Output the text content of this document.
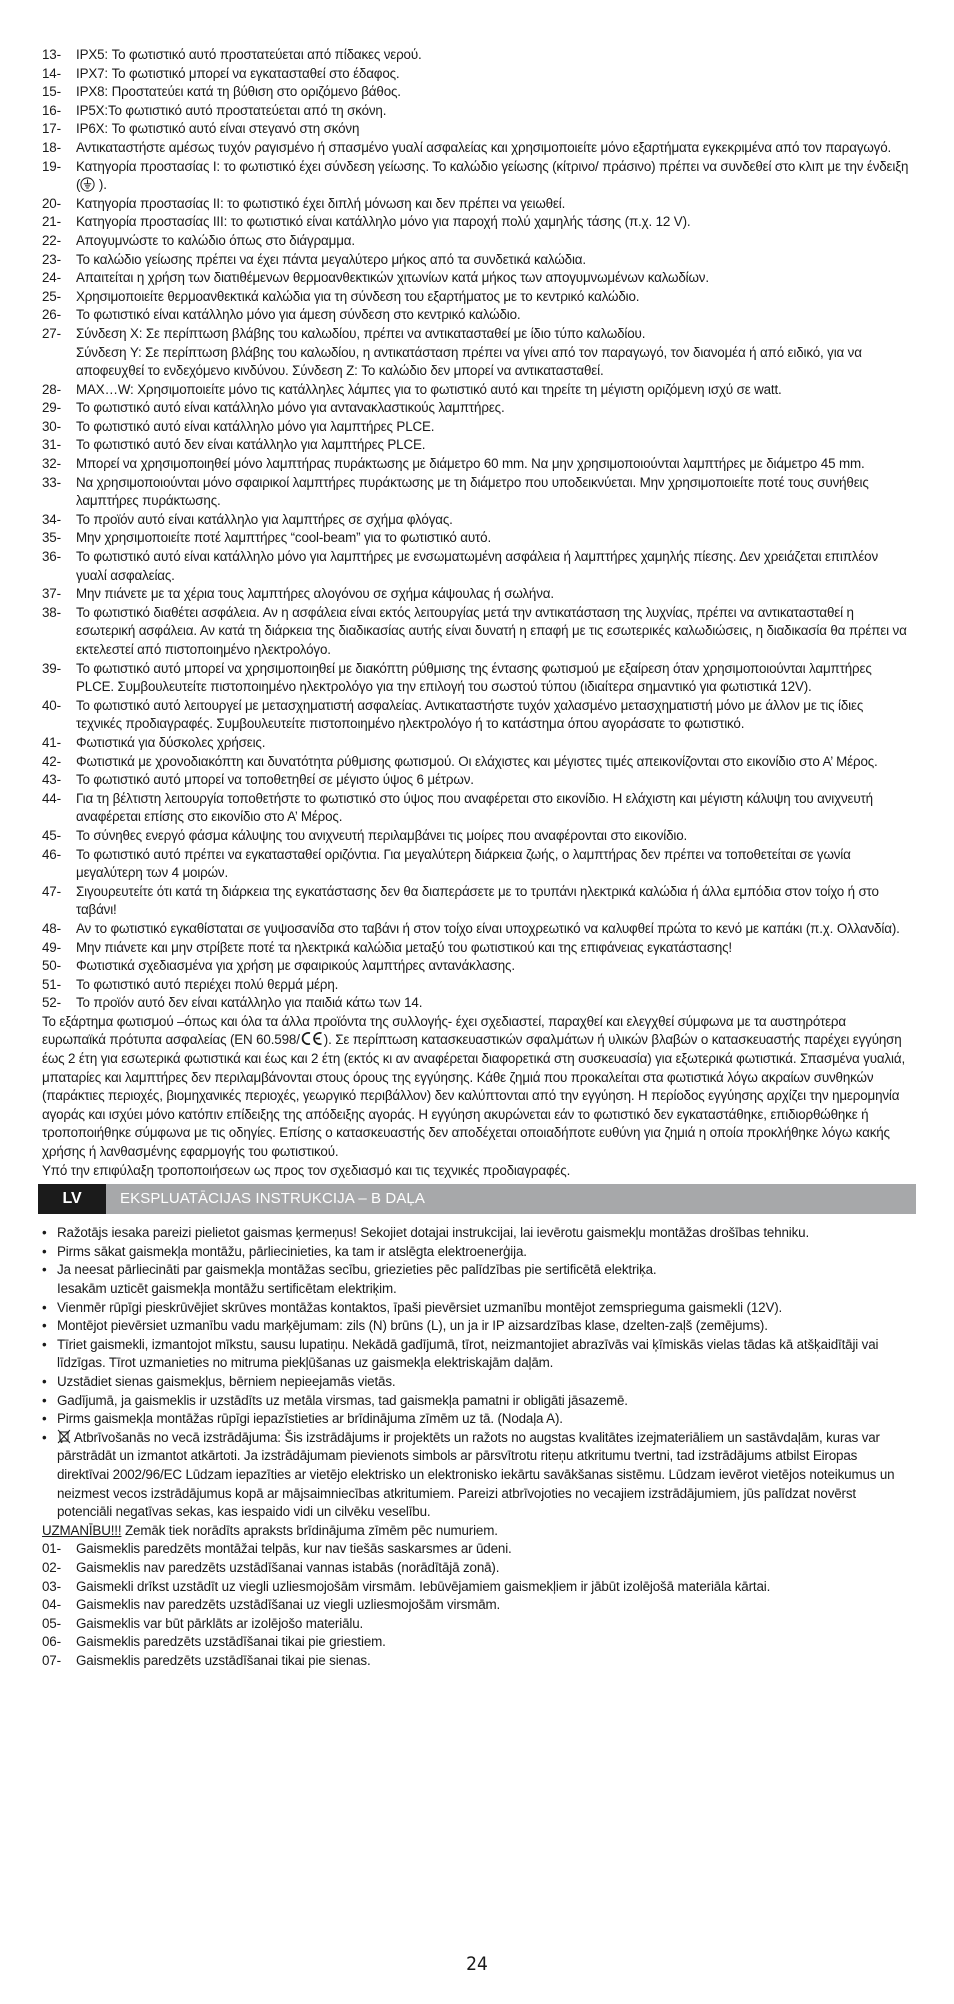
13-	IPX5: Το φωτιστικό αυτό προστατεύεται από πίδακες νερού.
14-	IPX7: Το φωτιστικό μπορεί να εγκατασταθεί στο έδαφος.
15-	IPX8: Προστατεύει κατά τη βύθιση στο οριζόμενο βάθος.
16-	IP5X:Το φωτιστικό αυτό προστατεύεται από τη σκόνη.
17-	IP6X: Το φωτιστικό αυτό είναι στεγανό στη σκόνη
18-	Αντικαταστήστε αμέσως τυχόν ραγισμένο ή σπασμένο γυαλί ασφαλείας και χρησιμοποιείτε μόνο εξαρτήματα εγκεκριμένα από τον παραγωγό.
19-	Κατηγορία προστασίας I: το φωτιστικό έχει σύνδεση γείωσης. Το καλώδιο γείωσης (κίτρινο/ πράσινο) πρέπει να συνδεθεί στο κλιπ με την ένδειξη ( ).
20-	Κατηγορία προστασίας II: το φωτιστικό έχει διπλή μόνωση και δεν πρέπει να γειωθεί.
21-	Κατηγορία προστασίας III: το φωτιστικό είναι κατάλληλο μόνο για παροχή πολύ χαμηλής τάσης (π.χ. 12 V).
22-	Απογυμνώστε το καλώδιο όπως στο διάγραμμα.
23-	Το καλώδιο γείωσης πρέπει να έχει πάντα μεγαλύτερο μήκος από τα συνδετικά καλώδια.
24-	Απαιτείται η χρήση των διατιθέμενων θερμοανθεκτικών χιτωνίων κατά μήκος των απογυμνωμένων καλωδίων.
25-	Χρησιμοποιείτε θερμοανθεκτικά καλώδια για τη σύνδεση του εξαρτήματος με το κεντρικό καλώδιο.
26-	Το φωτιστικό είναι κατάλληλο μόνο για άμεση σύνδεση στο κεντρικό καλώδιο.
27-	Σύνδεση X: Σε περίπτωση βλάβης του καλωδίου, πρέπει να αντικατασταθεί με ίδιο τύπο καλωδίου.
Σύνδεση Y: Σε περίπτωση βλάβης του καλωδίου, η αντικατάσταση πρέπει να γίνει από τον παραγωγό, τον διανομέα ή από ειδικό, για να αποφευχθεί το ενδεχόμενο κινδύνου. Σύνδεση Z: Το καλώδιο δεν μπορεί να αντικατασταθεί.
28-	MAX…W: Χρησιμοποιείτε μόνο τις κατάλληλες λάμπες για το φωτιστικό αυτό και τηρείτε τη μέγιστη οριζόμενη ισχύ σε watt.
29-	Το φωτιστικό αυτό είναι κατάλληλο μόνο για αντανακλαστικούς λαμπτήρες.
30-	Το φωτιστικό αυτό είναι κατάλληλο μόνο για λαμπτήρες PLCE.
31-	Το φωτιστικό αυτό δεν είναι κατάλληλο για λαμπτήρες PLCE.
32-	Μπορεί να χρησιμοποιηθεί μόνο λαμπτήρας πυράκτωσης με διάμετρο 60 mm. Να μην χρησιμοποιούνται λαμπτήρες με διάμετρο 45 mm.
33-	Να χρησιμοποιούνται μόνο σφαιρικοί λαμπτήρες πυράκτωσης με τη διάμετρο που υποδεικνύεται. Μην χρησιμοποιείτε ποτέ τους συνήθεις λαμπτήρες πυράκτωσης.
34-	Το προϊόν αυτό είναι κατάλληλο για λαμπτήρες σε σχήμα φλόγας.
35-	Μην χρησιμοποιείτε ποτέ λαμπτήρες “cool-beam” για το φωτιστικό αυτό.
36-	Το φωτιστικό αυτό είναι κατάλληλο μόνο για λαμπτήρες με ενσωματωμένη ασφάλεια ή λαμπτήρες χαμηλής πίεσης. Δεν χρειάζεται επιπλέον γυαλί ασφαλείας.
37-	Μην πιάνετε με τα χέρια τους λαμπτήρες αλογόνου σε σχήμα κάψουλας ή σωλήνα.
38-	Το φωτιστικό διαθέτει ασφάλεια. Αν η ασφάλεια είναι εκτός λειτουργίας μετά την αντικατάσταση της λυχνίας, πρέπει να αντικατασταθεί η εσωτερική ασφάλεια. Αν κατά τη διάρκεια της διαδικασίας αυτής είναι δυνατή η επαφή με τις εσωτερικές καλωδιώσεις, η διαδικασία θα πρέπει να εκτελεστεί από πιστοποιημένο ηλεκτρολόγο.
39-	Το φωτιστικό αυτό μπορεί να χρησιμοποιηθεί με διακόπτη ρύθμισης της έντασης φωτισμού με εξαίρεση όταν χρησιμοποιούνται λαμπτήρες PLCE. Συμβουλευτείτε πιστοποιημένο ηλεκτρολόγο για την επιλογή του σωστού τύπου (ιδιαίτερα σημαντικό για φωτιστικά 12V).
40-	Το φωτιστικό αυτό λειτουργεί με μετασχηματιστή ασφαλείας. Αντικαταστήστε τυχόν χαλασμένο μετασχηματιστή μόνο με άλλον με τις ίδιες τεχνικές προδιαγραφές. Συμβουλευτείτε πιστοποιημένο ηλεκτρολόγο ή το κατάστημα όπου αγοράσατε το φωτιστικό.
41-	Φωτιστικά για δύσκολες χρήσεις.
42-	Φωτιστικά με χρονοδιακόπτη και δυνατότητα ρύθμισης φωτισμού. Οι ελάχιστες και μέγιστες τιμές απεικονίζονται στο εικονίδιο στο Α’ Μέρος.
43-	Το φωτιστικό αυτό μπορεί να τοποθετηθεί σε μέγιστο ύψος 6 μέτρων.
44-	Για τη βέλτιστη λειτουργία τοποθετήστε το φωτιστικό στο ύψος που αναφέρεται στο εικονίδιο. Η ελάχιστη και μέγιστη κάλυψη του ανιχνευτή αναφέρεται επίσης στο εικονίδιο στο Α’ Μέρος.
45-	Το σύνηθες ενεργό φάσμα κάλυψης του ανιχνευτή περιλαμβάνει τις μοίρες που αναφέρονται στο εικονίδιο.
46-	Το φωτιστικό αυτό πρέπει να εγκατασταθεί οριζόντια. Για μεγαλύτερη διάρκεια ζωής, ο λαμπτήρας δεν πρέπει να τοποθετείται σε γωνία μεγαλύτερη των 4 μοιρών.
47-	Σιγουρευτείτε ότι κατά τη διάρκεια της εγκατάστασης δεν θα διαπεράσετε με το τρυπάνι ηλεκτρικά καλώδια ή άλλα εμπόδια στον τοίχο ή στο ταβάνι!
48-	Αν το φωτιστικό εγκαθίσταται σε γυψοσανίδα στο ταβάνι ή στον τοίχο είναι υποχρεωτικό να καλυφθεί πρώτα το κενό με καπάκι (π.χ. Ολλανδία).
49-	Μην πιάνετε και μην στρίβετε ποτέ τα ηλεκτρικά καλώδια μεταξύ του φωτιστικού και της επιφάνειας εγκατάστασης!
50-	Φωτιστικά σχεδιασμένα για χρήση με σφαιρικούς λαμπτήρες αντανάκλασης.
51-	Το φωτιστικό αυτό περιέχει πολύ θερμά μέρη.
52-	Το προϊόν αυτό δεν είναι κατάλληλο για παιδιά κάτω των 14.

Το εξάρτημα φωτισμού –όπως και όλα τα άλλα προϊόντα της συλλογής- έχει σχεδιαστεί, παραχθεί και ελεγχθεί σύμφωνα με τα αυστηρότερα ευρωπαϊκά πρότυπα ασφαλείας (EN 60.598/ ). Σε περίπτωση κατασκευαστικών σφαλμάτων ή υλικών βλαβών ο κατασκευαστής παρέχει εγγύηση έως 2 έτη για εσωτερικά φωτιστικά και έως και 2 έτη (εκτός κι αν αναφέρεται διαφορετικά στη συσκευασία) για εξωτερικά φωτιστικά. Σπασμένα γυαλιά, μπαταρίες και λαμπτήρες δεν περιλαμβάνονται στους όρους της εγγύησης. Κάθε ζημιά που προκαλείται στα φωτιστικά λόγω ακραίων συνθηκών (παράκτιες περιοχές, βιομηχανικές περιοχές, γεωργικό περιβάλλον) δεν καλύπτονται από την εγγύηση. Η περίοδος εγγύησης αρχίζει την ημερομηνία αγοράς και ισχύει μόνο κατόπιν επίδειξης της απόδειξης αγοράς. Η εγγύηση ακυρώνεται εάν το φωτιστικό δεν εγκαταστάθηκε, επιδιορθώθηκε ή τροποποιήθηκε σύμφωνα με τις οδηγίες. Επίσης ο κατασκευαστής δεν αποδέχεται οποιαδήποτε ευθύνη για ζημιά η οποία προκλήθηκε λόγω κακής χρήσης ή λανθασμένης εφαρμογής του φωτιστικού.

Υπό την επιφύλαξη τροποποιήσεων ως προς τον σχεδιασμό και τις τεχνικές προδιαγραφές.

LV	EKSPLUATĀCIJAS INSTRUKCIJA – B DAĻA
• Ražotājs iesaka pareizi pielietot gaismas ķermeņus! Sekojiet dotajai instrukcijai, lai ievērotu gaismekļu montāžas drošības tehniku.
• Pirms sākat gaismekļa montāžu, pārliecinieties, ka tam ir atslēgta elektroenerģija.
• Ja neesat pārliecināti par gaismekļa montāžas secību, griezieties pēc palīdzības pie sertificētā elektriķa.
Iesakām uzticēt gaismekļa montāžu sertificētam elektriķim.
• Vienmēr rūpīgi pieskrūvējiet skrūves montāžas kontaktos, īpaši pievērsiet uzmanību montējot zemsprieguma gaismekli (12V).
• Montējot pievērsiet uzmanību vadu marķējumam: zils (N) brūns (L), un ja ir IP aizsardzības klase, dzelten-zaļš (zemējums).
• Tīriet gaismekli, izmantojot mīkstu, sausu lupatiņu. Nekādā gadījumā, tīrot, neizmantojiet abrazīvās vai ķīmiskās vielas tādas kā atšķaidītāji vai līdzīgas. Tīrot uzmanieties no mitruma piekļūšanas uz gaismekļa elektriskajām daļām.
• Uzstādiet sienas gaismekļus, bērniem nepieejamās vietās.
• Gadījumā, ja gaismeklis ir uzstādīts uz metāla virsmas, tad gaismekļa pamatni ir obligāti jāsazemē.
• Pirms gaismekļa montāžas rūpīgi iepazīstieties ar brīdinājuma zīmēm uz tā. (Nodaļa A).
•	Atbrīvošanās no vecā izstrādājuma: Šis izstrādājums ir projektēts un ražots no augstas kvalitātes izejmateriāliem un sastāvdaļām, kuras var pārstrādāt un izmantot atkārtoti. Ja izstrādājumam pievienots simbols ar pārsvītrotu riteņu atkritumu tvertni, tad izstrādājums atbilst Eiropas direktīvai 2002/96/EC Lūdzam iepazīties ar vietējo elektrisko un elektronisko iekārtu savākšanas sistēmu. Lūdzam ievērot vietējos noteikumus un neizmest vecos izstrādājumus kopā ar mājsaimniecības atkritumiem. Pareizi atbrīvojoties no vecajiem izstrādājumiem, jūs palīdzat novērst potenciāli negatīvas sekas, kas iespaido vidi un cilvēku veselību.

UZMANĪBU!!! Zemāk tiek norādīts apraksts brīdinājuma zīmēm pēc numuriem.

01-	Gaismeklis paredzēts montāžai telpās, kur nav tiešās saskarsmes ar ūdeni.
02-	Gaismeklis nav paredzēts uzstādīšanai vannas istabās (norādītājā zonā).
03-	Gaismekli drīkst uzstādīt uz viegli uzliesmojošām virsmām. Iebūvējamiem gaismekļiem ir jābūt izolējošā materiāla kārtai.
04-	Gaismeklis nav paredzēts uzstādīšanai uz viegli uzliesmojošām virsmām.
05-	Gaismeklis var būt pārklāts ar izolējošo materiālu.
06-	Gaismeklis paredzēts uzstādīšanai tikai pie griestiem.
07-	Gaismeklis paredzēts uzstādīšanai tikai pie sienas.
24
